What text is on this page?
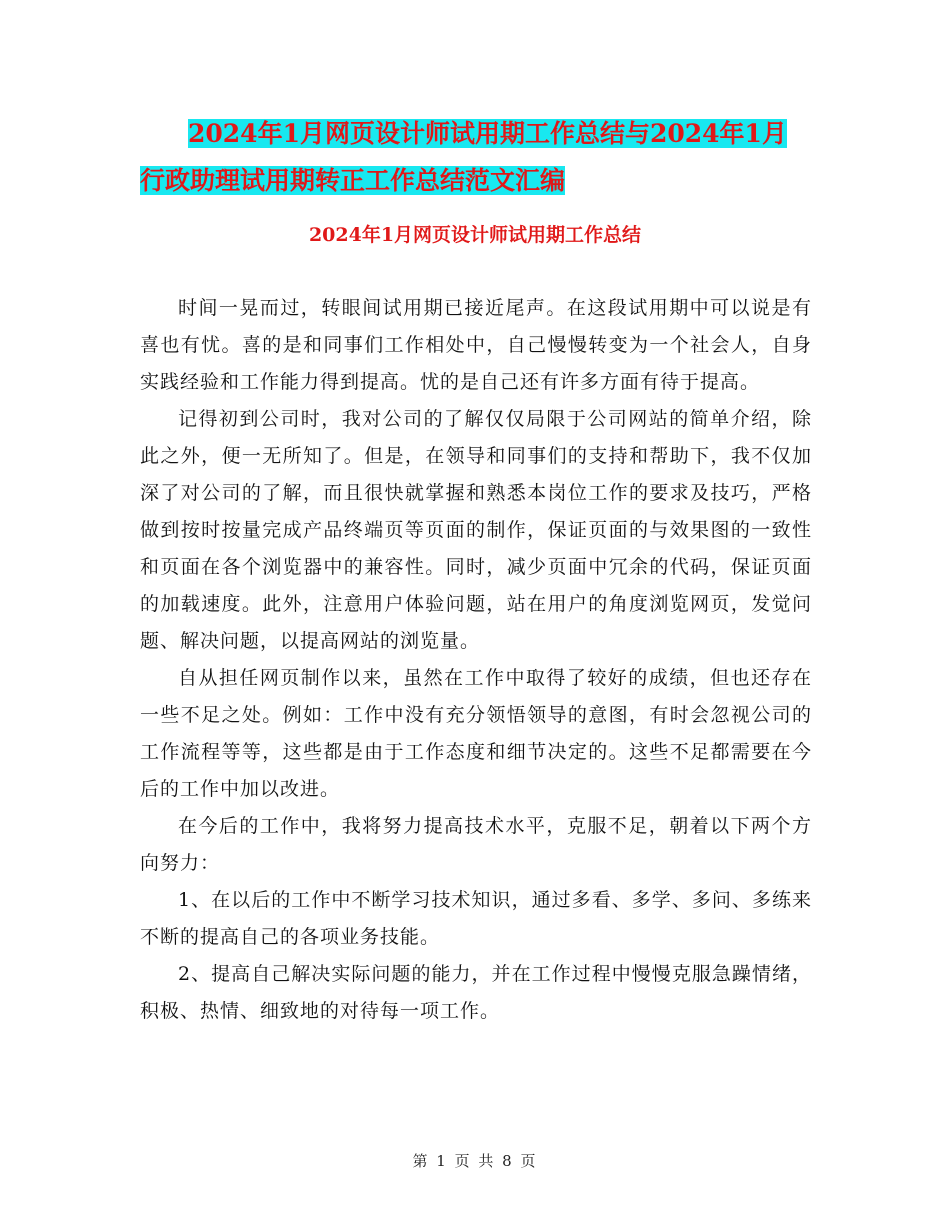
2024年1月网页设计师试用期工作总结与2024年1月
行政助理试用期转正工作总结范文汇编
2024年1月网页设计师试用期工作总结

时间一晃而过，转眼间试用期已接近尾声。在这段试用期中可以说是有喜也有忧。喜的是和同事们工作相处中，自己慢慢转变为一个社会人，自身实践经验和工作能力得到提高。忧的是自己还有许多方面有待于提高。

记得初到公司时，我对公司的了解仅仅局限于公司网站的简单介绍，除此之外，便一无所知了。但是，在领导和同事们的支持和帮助下，我不仅加深了对公司的了解，而且很快就掌握和熟悉本岗位工作的要求及技巧，严格做到按时按量完成产品终端页等页面的制作，保证页面的与效果图的一致性和页面在各个浏览器中的兼容性。同时，减少页面中冗余的代码，保证页面的加载速度。此外，注意用户体验问题，站在用户的角度浏览网页，发觉问题、解决问题，以提高网站的浏览量。

自从担任网页制作以来，虽然在工作中取得了较好的成绩，但也还存在一些不足之处。例如：工作中没有充分领悟领导的意图，有时会忽视公司的工作流程等等，这些都是由于工作态度和细节决定的。这些不足都需要在今后的工作中加以改进。

在今后的工作中，我将努力提高技术水平，克服不足，朝着以下两个方向努力：

1、在以后的工作中不断学习技术知识，通过多看、多学、多问、多练来不断的提高自己的各项业务技能。

2、提高自己解决实际问题的能力，并在工作过程中慢慢克服急躁情绪，积极、热情、细致地的对待每一项工作。

第 1 页 共 8 页
